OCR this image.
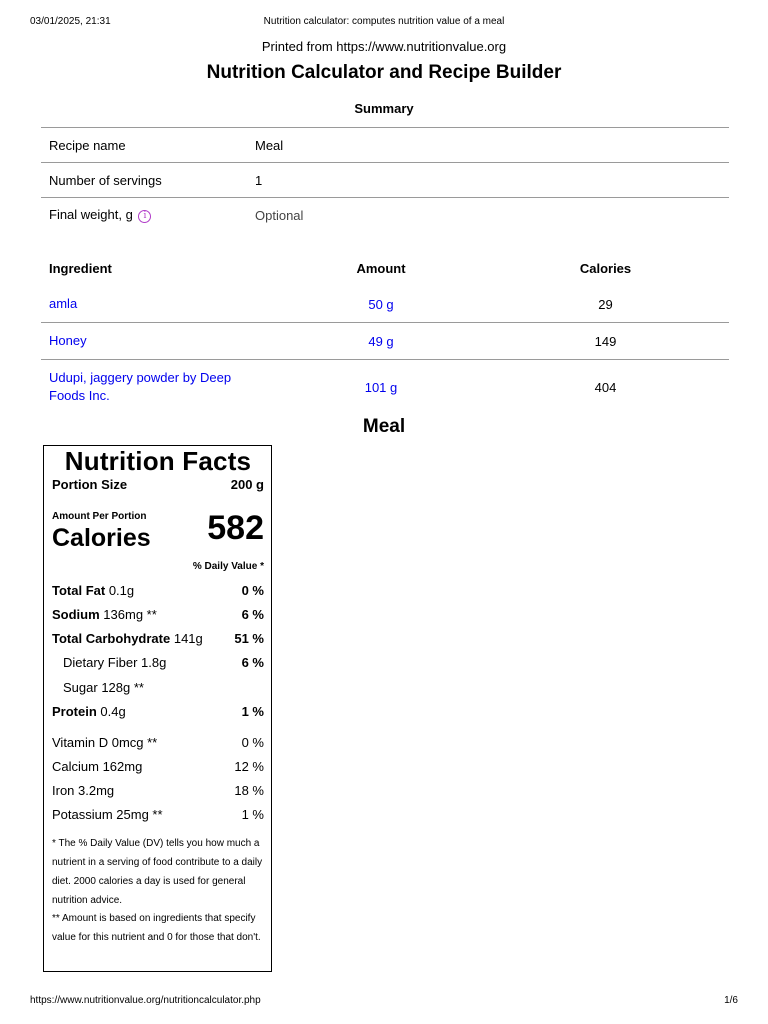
03/01/2025, 21:31	Nutrition calculator: computes nutrition value of a meal
Printed from https://www.nutritionvalue.org
Nutrition Calculator and Recipe Builder
Summary
Recipe name	Meal
Number of servings	1
Final weight, g i	Optional
Ingredient	Amount	Calories
amla	50 g	29
Honey	49 g	149
Udupi, jaggery powder by Deep Foods Inc.	101 g	404
Meal
Nutrition Facts
Portion Size	200 g
Amount Per Portion
Calories	582
% Daily Value *
Total Fat 0.1g	0 %
Sodium 136mg **	6 %
Total Carbohydrate 141g 51 %
Dietary Fiber 1.8g	6 %
Sugar 128g **
Protein 0.4g	1 %
Vitamin D 0mcg **	0 %
Calcium 162mg	12 %
Iron 3.2mg	18 %
Potassium 25mg **	1 %
* The % Daily Value (DV) tells you how much a nutrient in a serving of food contribute to a daily diet. 2000 calories a day is used for general nutrition advice.
** Amount is based on ingredients that specify value for this nutrient and 0 for those that don't.
https://www.nutritionvalue.org/nutritioncalculator.php	1/6
